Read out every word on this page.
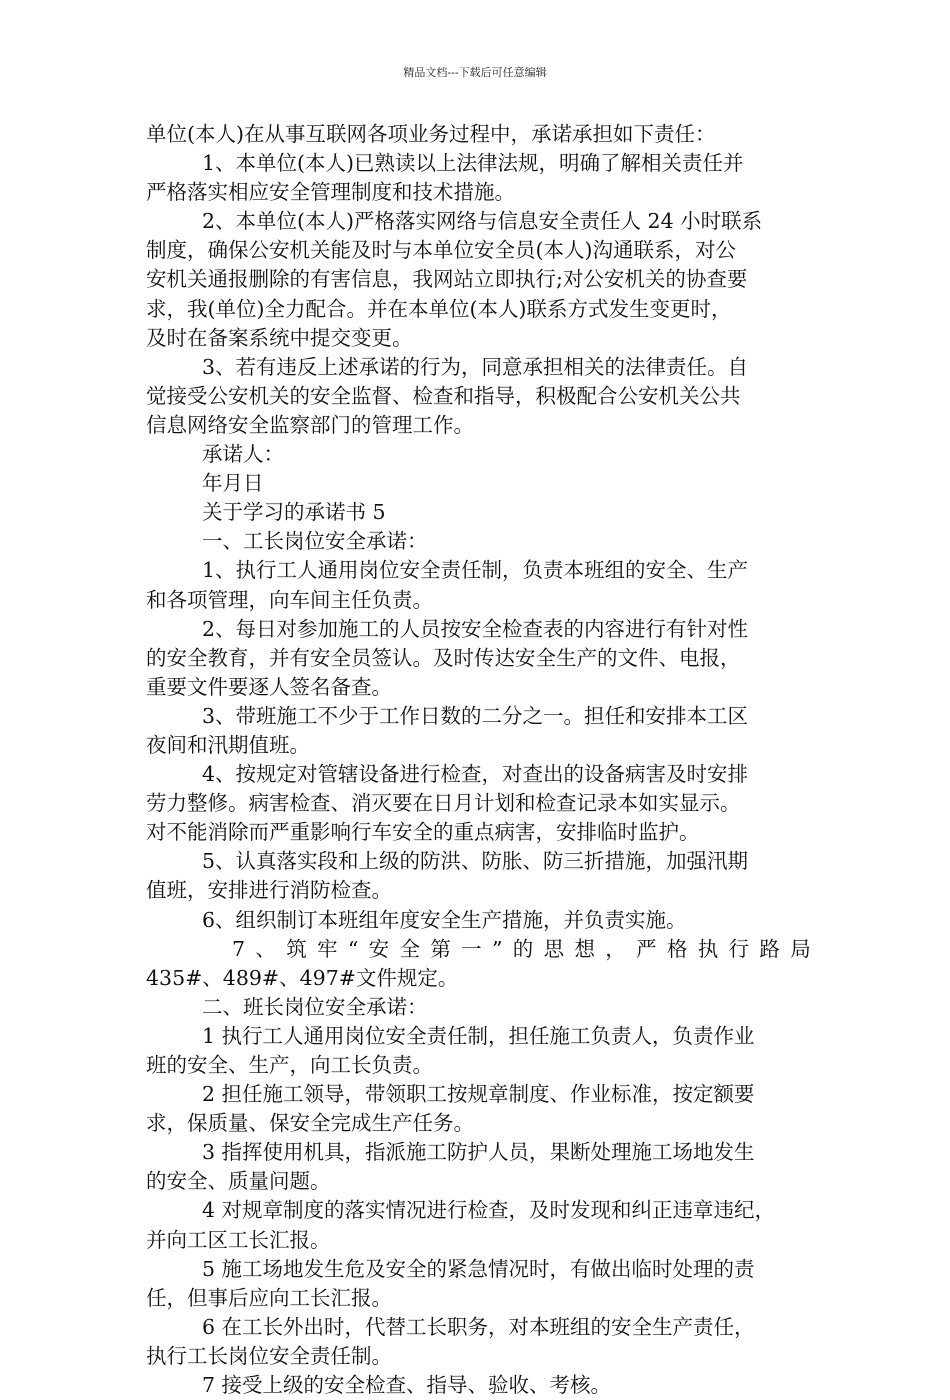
精品文档---下载后可任意编辑
单位(本人)在从事互联网各项业务过程中，承诺承担如下责任：
1、本单位(本人)已熟读以上法律法规，明确了解相关责任并
严格落实相应安全管理制度和技术措施。
2、本单位(本人)严格落实网络与信息安全责任人 24 小时联系
制度，确保公安机关能及时与本单位安全员(本人)沟通联系，对公
安机关通报删除的有害信息，我网站立即执行;对公安机关的协查要
求，我(单位)全力配合。并在本单位(本人)联系方式发生变更时，
及时在备案系统中提交变更。
3、若有违反上述承诺的行为，同意承担相关的法律责任。自
觉接受公安机关的安全监督、检查和指导，积极配合公安机关公共
信息网络安全监察部门的管理工作。
承诺人：
年月日
关于学习的承诺书 5
一、工长岗位安全承诺：
1、执行工人通用岗位安全责任制，负责本班组的安全、生产
和各项管理，向车间主任负责。
2、每日对参加施工的人员按安全检查表的内容进行有针对性
的安全教育，并有安全员签认。及时传达安全生产的文件、电报，
重要文件要逐人签名备查。
3、带班施工不少于工作日数的二分之一。担任和安排本工区
夜间和汛期值班。
4、按规定对管辖设备进行检查，对查出的设备病害及时安排
劳力整修。病害检查、消灭要在日月计划和检查记录本如实显示。
对不能消除而严重影响行车安全的重点病害，安排临时监护。
5、认真落实段和上级的防洪、防胀、防三折措施，加强汛期
值班，安排进行消防检查。
6、组织制订本班组年度安全生产措施，并负责实施。
7 、 筑 牢 “ 安 全 第 一 ” 的 思 想 ， 严 格 执 行 路 局
435#、489#、497#文件规定。
二、班长岗位安全承诺：
1 执行工人通用岗位安全责任制，担任施工负责人，负责作业
班的安全、生产，向工长负责。
2 担任施工领导，带领职工按规章制度、作业标准，按定额要
求，保质量、保安全完成生产任务。
3 指挥使用机具，指派施工防护人员，果断处理施工场地发生
的安全、质量问题。
4 对规章制度的落实情况进行检查，及时发现和纠正违章违纪，
并向工区工长汇报。
5 施工场地发生危及安全的紧急情况时，有做出临时处理的责
任，但事后应向工长汇报。
6 在工长外出时，代替工长职务，对本班组的安全生产责任，
执行工长岗位安全责任制。
7 接受上级的安全检查、指导、验收、考核。
